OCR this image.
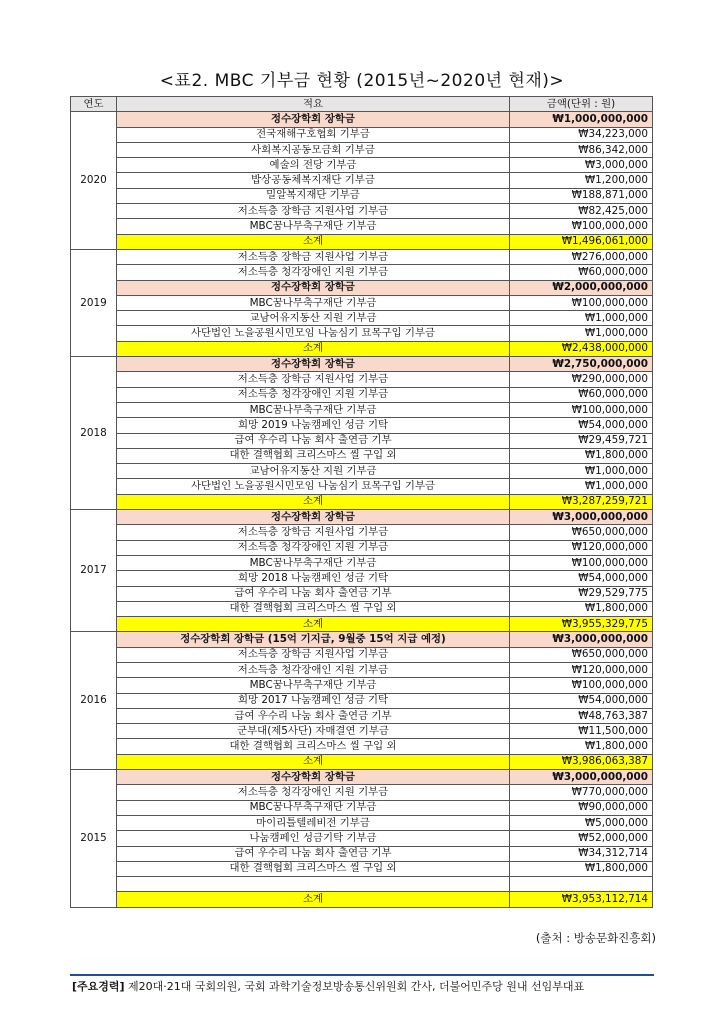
<표2. MBC 기부금 현황 (2015년~2020년 현재)>
연도	적요	금액(단위 : 원)
2020	정수장학회 장학금	₩1,000,000,000
	전국재해구호협회 기부금	₩34,223,000
	사회복지공동모금회 기부금	₩86,342,000
	예술의 전당 기부금	₩3,000,000
	밥상공동체복지재단 기부금	₩1,200,000
	밀알복지재단 기부금	₩188,871,000
	저소득층 장학금 지원사업 기부금	₩82,425,000
	MBC꿈나무축구재단 기부금	₩100,000,000
	소계	₩1,496,061,000
2019	저소득층 장학금 지원사업 기부금	₩276,000,000
	저소득층 청각장애인 지원 기부금	₩60,000,000
	정수장학회 장학금	₩2,000,000,000
	MBC꿈나무축구재단 기부금	₩100,000,000
	교남어유지동산 지원 기부금	₩1,000,000
	사단법인 노을공원시민모임 나눔심기 묘목구입 기부금	₩1,000,000
	소계	₩2,438,000,000
2018	정수장학회 장학금	₩2,750,000,000
	저소득층 장학금 지원사업 기부금	₩290,000,000
	저소득층 청각장애인 지원 기부금	₩60,000,000
	MBC꿈나무축구재단 기부금	₩100,000,000
	희망 2019 나눔캠페인 성금 기탁	₩54,000,000
	급여 우수리 나눔 회사 출연금 기부	₩29,459,721
	대한 결핵협회 크리스마스 씰 구입 외	₩1,800,000
	교남어유지동산 지원 기부금	₩1,000,000
	사단법인 노을공원시민모임 나눔심기 묘목구입 기부금	₩1,000,000
	소계	₩3,287,259,721
2017	정수장학회 장학금	₩3,000,000,000
	저소득층 장학금 지원사업 기부금	₩650,000,000
	저소득층 청각장애인 지원 기부금	₩120,000,000
	MBC꿈나무축구재단 기부금	₩100,000,000
	희망 2018 나눔캠페인 성금 기탁	₩54,000,000
	급여 우수리 나눔 회사 출연금 기부	₩29,529,775
	대한 결핵협회 크리스마스 씰 구입 외	₩1,800,000
	소계	₩3,955,329,775
2016	정수장학회 장학금 (15억 기지급, 9월중 15억 지급 예정)	₩3,000,000,000
	저소득층 장학금 지원사업 기부금	₩650,000,000
	저소득층 청각장애인 지원 기부금	₩120,000,000
	MBC꿈나무축구재단 기부금	₩100,000,000
	희망 2017 나눔캠페인 성금 기탁	₩54,000,000
	급여 우수리 나눔 회사 출연금 기부	₩48,763,387
	군부대(제5사단) 자매결연 기부금	₩11,500,000
	대한 결핵협회 크리스마스 씰 구입 외	₩1,800,000
	소계	₩3,986,063,387
2015	정수장학회 장학금	₩3,000,000,000
	저소득층 청각장애인 지원 기부금	₩770,000,000
	MBC꿈나무축구재단 기부금	₩90,000,000
	마이리틀텔레비전 기부금	₩5,000,000
	나눔캠페인 성금기탁 기부금	₩52,000,000
	급여 우수리 나눔 회사 출연금 기부	₩34,312,714
	대한 결핵협회 크리스마스 씰 구입 외	₩1,800,000

	소계	₩3,953,112,714
(출처 : 방송문화진흥회)
[주요경력] 제20대·21대 국회의원, 국회 과학기술정보방송통신위원회 간사, 더불어민주당 원내 선임부대표
